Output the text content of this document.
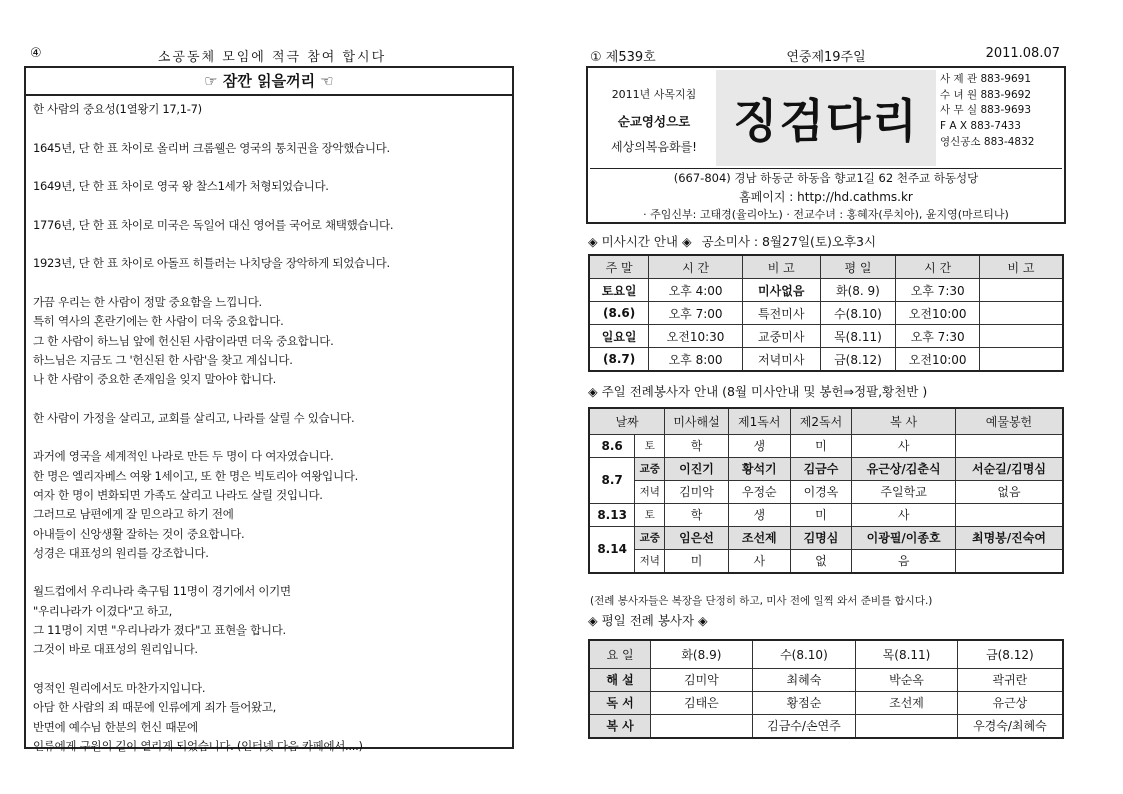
④	소공동체 모임에 적극 참여 합시다
☞ 잠깐 읽을꺼리 ☜
한 사람의 중요성(1열왕기 17,1-7)
1645년, 단 한 표 차이로 올리버 크롬웰은 영국의 통치권을 장악했습니다.
1649년, 단 한 표 차이로 영국 왕 찰스1세가 처형되었습니다.
1776년, 단 한 표 차이로 미국은 독일어 대신 영어를 국어로 채택했습니다.
1923년, 단 한 표 차이로 아돌프 히틀러는 나치당을 장악하게 되었습니다.
가끔 우리는 한 사람이 정말 중요함을 느낍니다.
특히 역사의 혼란기에는 한 사람이 더욱 중요합니다.
그 한 사람이 하느님 앞에 헌신된 사람이라면 더욱 중요합니다.
하느님은 지금도 그 '헌신된 한 사람'을 찾고 계십니다.
나 한 사람이 중요한 존재임을 잊지 말아야 합니다.
한 사람이 가정을 살리고, 교회를 살리고, 나라를 살릴 수 있습니다.
과거에 영국을 세계적인 나라로 만든 두 명이 다 여자였습니다.
한 명은 엘리자베스 여왕 1세이고, 또 한 명은 빅토리아 여왕입니다.
여자 한 명이 변화되면 가족도 살리고 나라도 살릴 것입니다.
그러므로 남편에게 잘 믿으라고 하기 전에
아내들이 신앙생활 잘하는 것이 중요합니다.
성경은 대표성의 원리를 강조합니다.
월드컵에서 우리나라 축구팀 11명이 경기에서 이기면
"우리나라가 이겼다"고 하고,
그 11명이 지면 "우리나라가 졌다"고 표현을 합니다.
그것이 바로 대표성의 원리입니다.
영적인 원리에서도 마찬가지입니다.
아담 한 사람의 죄 때문에 인류에게 죄가 들어왔고,
반면에 예수님 한분의 헌신 때문에
인류에게 구원의 길이 열리게 되었습니다. (인터넷 다음 카페에서....)
① 제539호	연중제19주일	2011.08.07
2011년 사목지침
순교영성으로
세상의복음화를! 징검다리
사 제 관 883-9691
수 녀 원 883-9692
사 무 실 883-9693
F A X 883-7433
영신공소 883-4832
(667-804) 경남 하동군 하동읍 향교1길 62 천주교 하동성당
홈페이지 : http://hd.cathms.kr
· 주임신부: 고태경(율리아노) · 전교수녀 : 홍혜자(루치아), 윤지영(마르티나)
◈ 미사시간 안내 ◈ 공소미사 : 8월27일(토)오후3시
주 말	시 간	비 고	평 일	시 간	비 고
토요일	오후 4:00	미사없음	화(8. 9)	오후 7:30	
(8.6)	오후 7:00	특전미사	수(8.10)	오전10:00	
일요일	오전10:30	교중미사	목(8.11)	오후 7:30	
(8.7)	오후 8:00	저녁미사	금(8.12)	오전10:00	
◈ 주일 전례봉사자 안내 (8월 미사안내 및 봉헌⇒정팔,황천반 )
날짜		미사해설	제1독서	제2독서	복 사	예물봉헌
8.6	토	학	생	미	사	
8.7	교중	이진기	황석기	김금수	유근상/김춘식	서순길/김명심
	저녁	김미악	우정순	이경옥	주일학교	없음
8.13	토	학	생	미	사	
8.14	교중	임은선	조선제	김명심	이광필/이종호	최명봉/진숙여
	저녁	미	사	없	음	
(전례 봉사자들은 복장을 단정히 하고, 미사 전에 일찍 와서 준비를 합시다.)
◈ 평일 전례 봉사자 ◈
요 일	화(8.9)	수(8.10)	목(8.11)	금(8.12)
해 설	김미악	최혜숙	박순옥	곽귀란
독 서	김태은	황점순	조선제	유근상
복 사		김금수/손연주		우경숙/최혜숙
